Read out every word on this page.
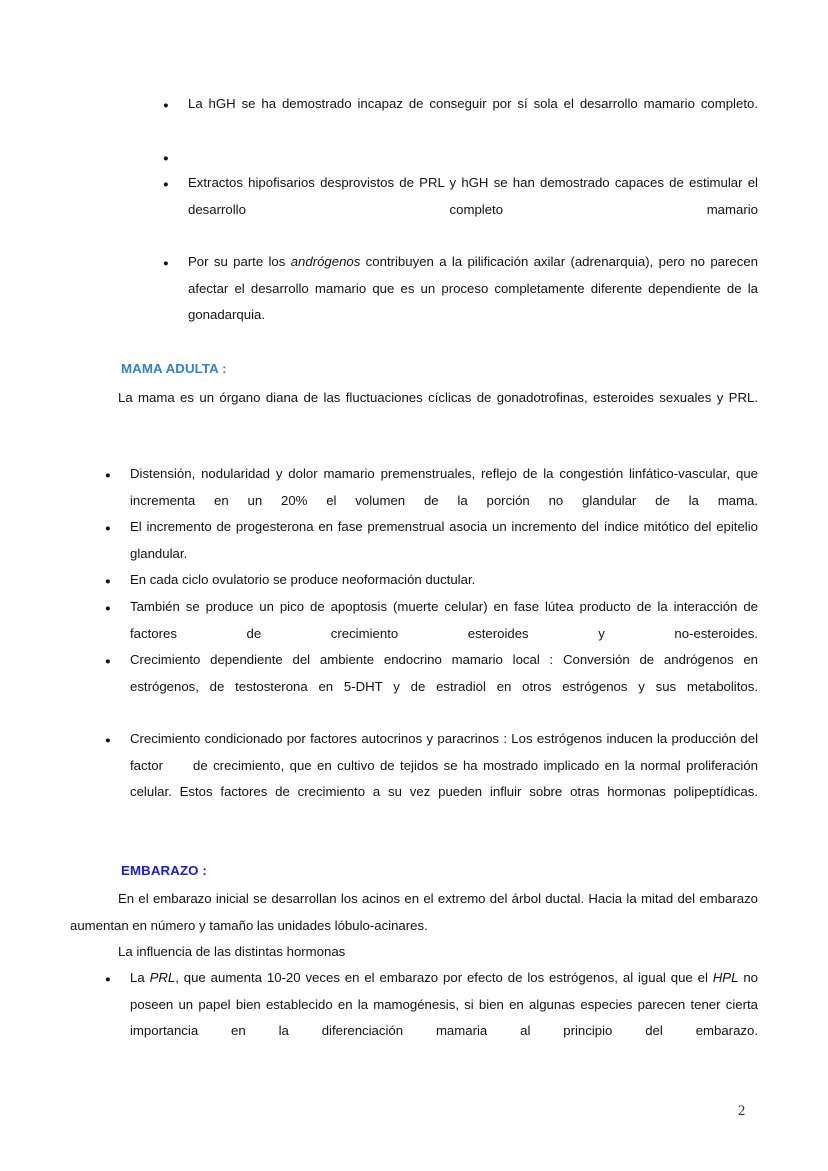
●
La hGH se ha demostrado incapaz de conseguir por sí sola el desarrollo mamario completo.
●
●
Extractos hipofisarios desprovistos de PRL y hGH se han demostrado capaces de estimular el desarrollo completo mamario
●
Por su parte los andrógenos contribuyen a la pilificación axilar (adrenarquia), pero no parecen afectar el desarrollo mamario que es un proceso completamente diferente dependiente de la gonadarquia.
MAMA ADULTA :
La mama es un órgano diana de las fluctuaciones cíclicas de gonadotrofinas, esteroides sexuales y PRL.
●
Distensión, nodularidad y dolor mamario premenstruales, reflejo de la congestión linfático-vascular, que incrementa en un 20% el volumen de la porción no glandular de la mama.
●
El incremento de progesterona en fase premenstrual asocia un incremento del índice mitótico del epitelio glandular.
●
En cada ciclo ovulatorio se produce neoformación ductular.
●
También se produce un pico de apoptosis (muerte celular) en fase lútea producto de la interacción de factores de crecimiento esteroides y no-esteroides.
●
Crecimiento dependiente del ambiente endocrino mamario local : Conversión de andrógenos en estrógenos, de testosterona en 5-DHT y de estradiol en otros estrógenos y sus metabolitos.
●
Crecimiento condicionado por factores autocrinos y paracrinos : Los estrógenos inducen la producción del factor de crecimiento, que en cultivo de tejidos se ha mostrado implicado en la normal proliferación celular. Estos factores de crecimiento a su vez pueden influir sobre otras hormonas polipeptídicas.
EMBARAZO :
En el embarazo inicial se desarrollan los acinos en el extremo del árbol ductal. Hacia la mitad del embarazo aumentan en número y tamaño las unidades lóbulo-acinares.
La influencia de las distintas hormonas
●
La PRL, que aumenta 10-20 veces en el embarazo por efecto de los estrógenos, al igual que el HPL no poseen un papel bien establecido en la mamogénesis, si bien en algunas especies parecen tener cierta importancia en la diferenciación mamaria al principio del embarazo.
2
